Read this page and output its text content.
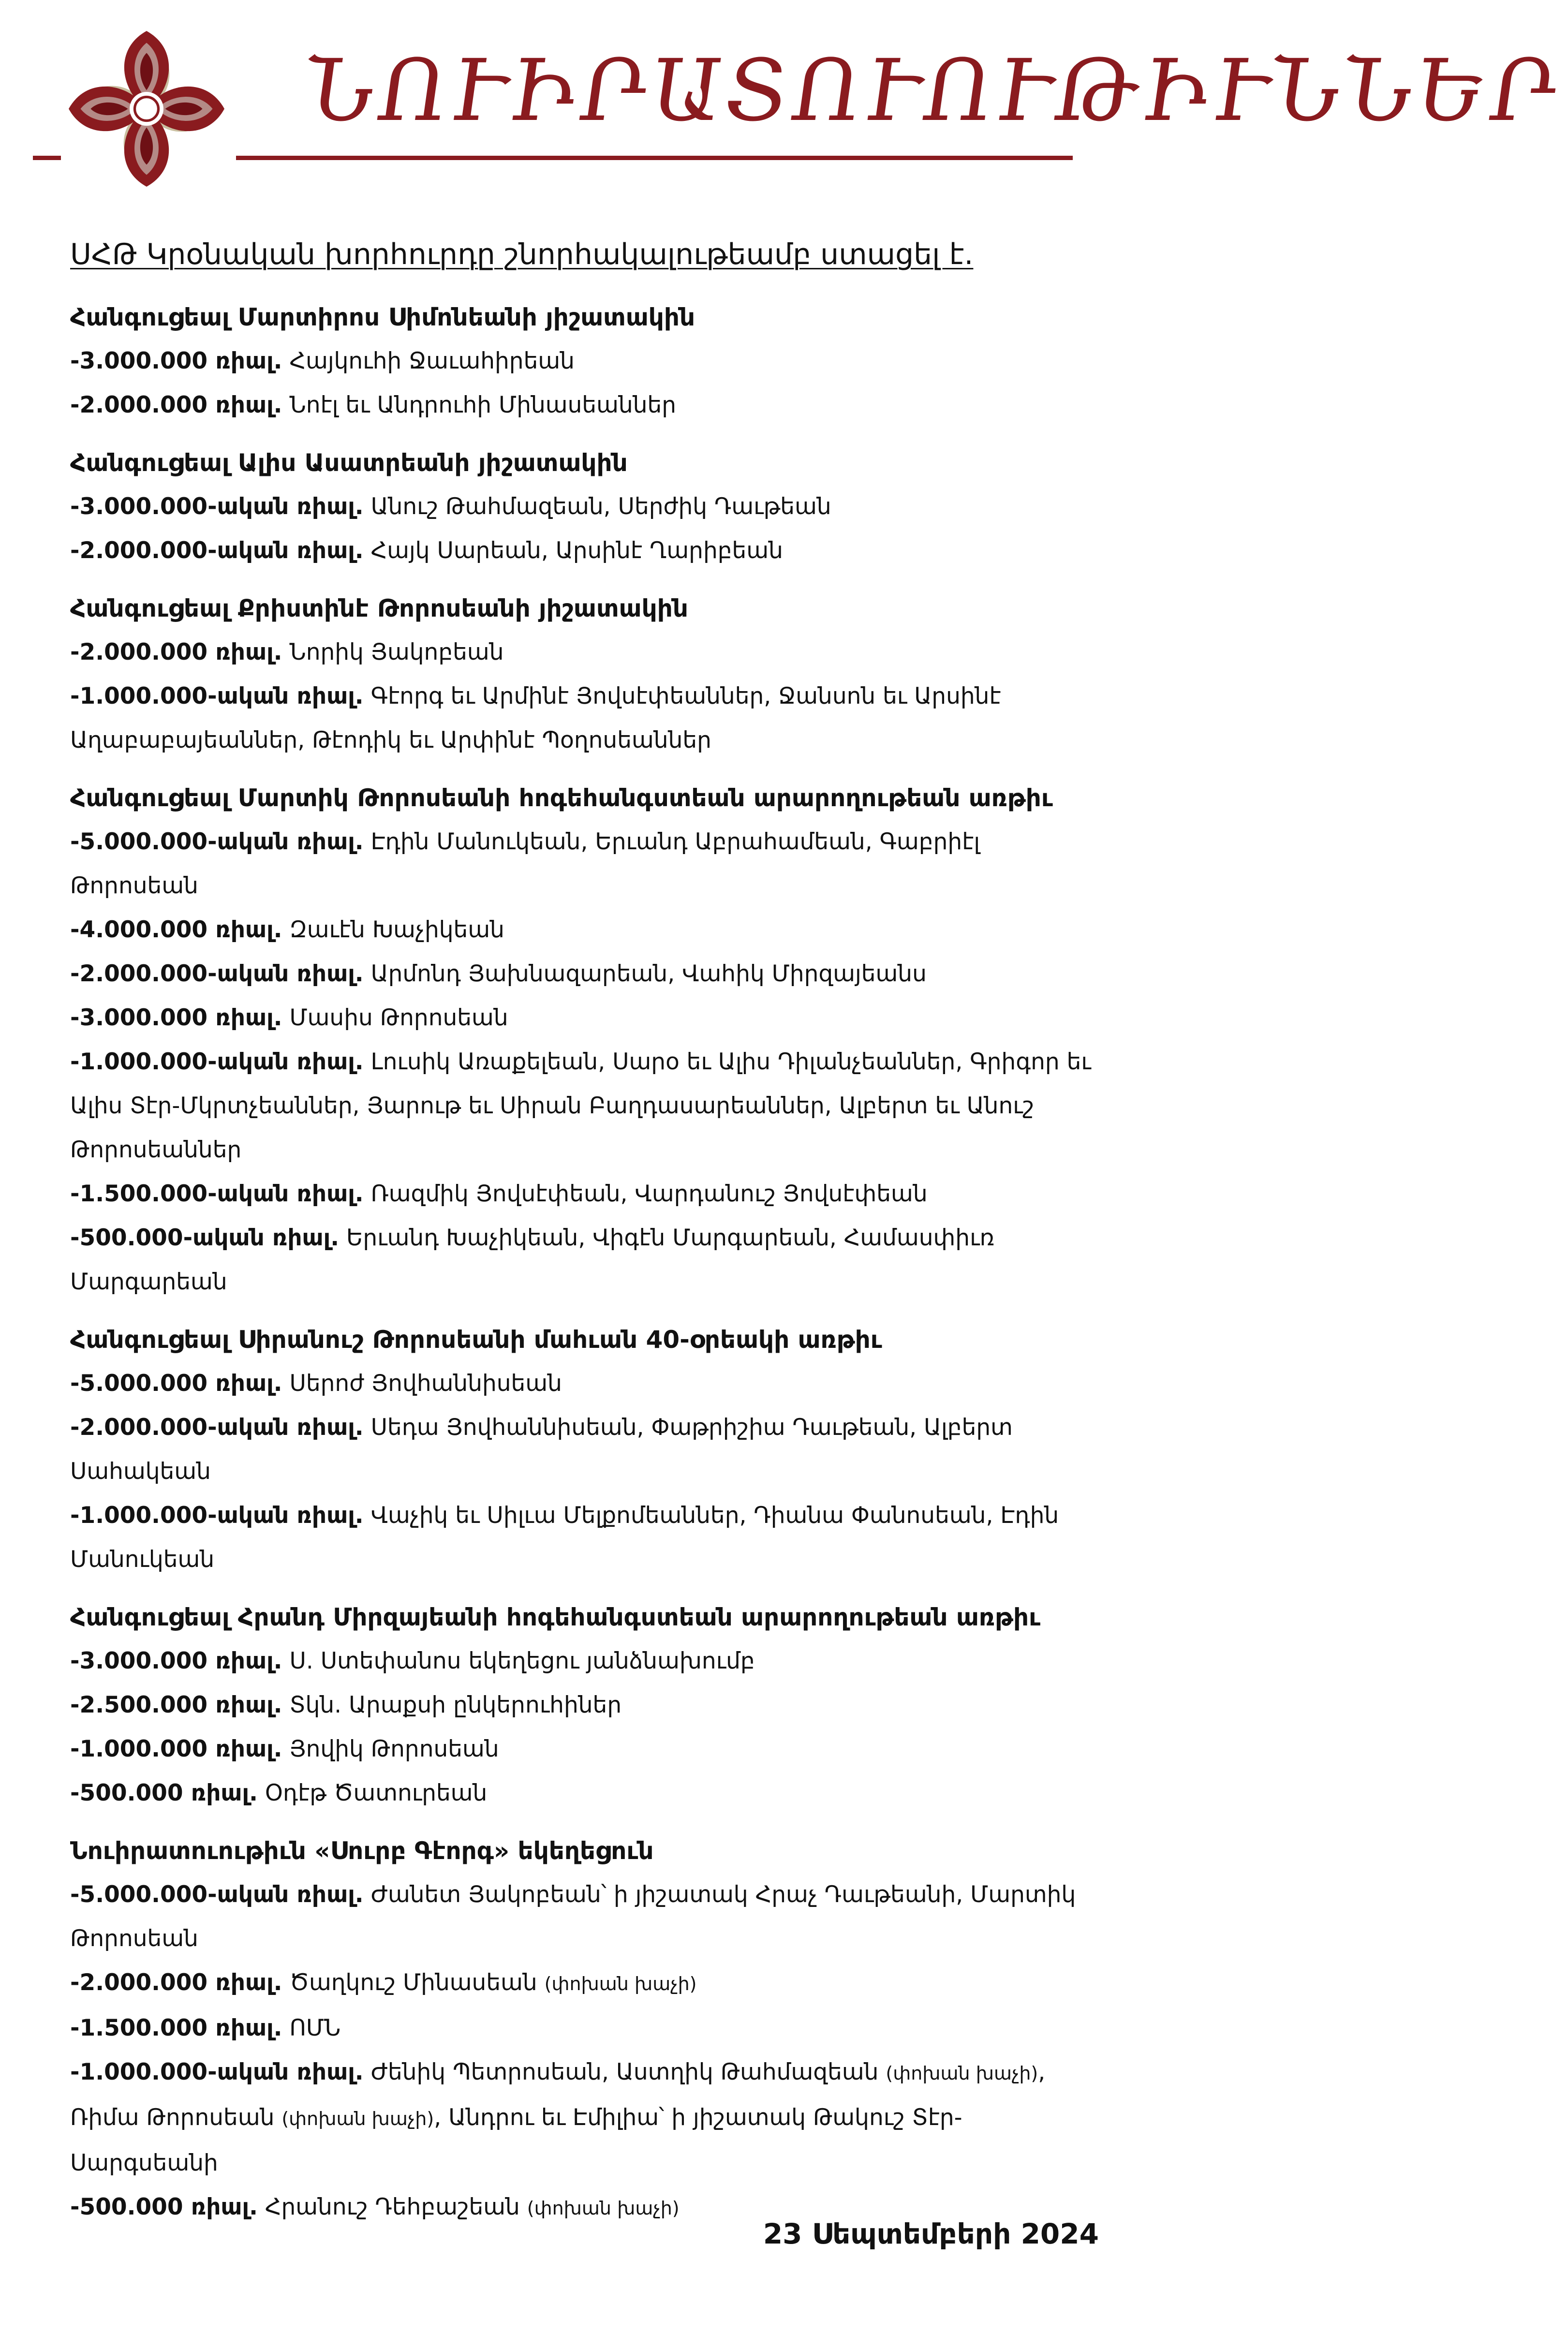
ՆՈՒԻՐԱՏՈՒՈՒԹԻՒՆՆԵՐ
ՍՀԹ Կրօնական խորհուրդը շնորհակալութեամբ ստացել է.
Հանգուցեալ Մարտիրոս Սիմոնեանի յիշատակին

-3.000.000 ռիալ. Հայկուհի Ջաւահիրեան

-2.000.000 ռիալ. Նոէլ եւ Անդրուհի Մինասեաններ

Հանգուցեալ Ալիս Ասատրեանի յիշատակին

-3.000.000-ական ռիալ. Անուշ Թահմազեան, Սերժիկ Դաւթեան

-2.000.000-ական ռիալ. Հայկ Սարեան, Արսինէ Ղարիբեան

Հանգուցեալ Քրիստինէ Թորոսեանի յիշատակին

-2.000.000 ռիալ. Նորիկ Յակոբեան

-1.000.000-ական ռիալ. Գէորգ եւ Արմինէ Յովսէփեաններ, Ջանսոն եւ Արսինէ Աղաբաբայեաններ, Թէոդիկ եւ Արփինէ Պօղոսեաններ

Հանգուցեալ Մարտիկ Թորոսեանի հոգեհանգստեան արարողութեան առթիւ

-5.000.000-ական ռիալ. Էդին Մանուկեան, Երւանդ Աբրահամեան, Գաբրիէլ Թորոսեան

-4.000.000 ռիալ. Զաւէն Խաչիկեան

-2.000.000-ական ռիալ. Արմոնդ Յախնազարեան, Վաhիկ Միրզայեանս

-3.000.000 ռիալ. Մասիս Թորոսեան

-1.000.000-ական ռիալ. Լուսիկ Առաքելեան, Սարօ եւ Ալիս Դիլանչեաններ, Գրիգոր եւ Ալիս Տէր-Մկրտչեաններ, Յարութ եւ Սիրան Բաղդասարեաններ, Ալբերտ եւ Անուշ Թորոսեաններ

-1.500.000-ական ռիալ. Ռազմիկ Յովսէփեան, Վարդանուշ Յովսէփեան

-500.000-ական ռիալ. Երւանդ Խաչիկեան, Վիգէն Մարգարեան, Համասփիւռ Մարգարեան

Հանգուցեալ Սիրանուշ Թորոսեանի մահւան 40-օրեակի առթիւ

-5.000.000 ռիալ. Սերոժ Յովհաննիսեան

-2.000.000-ական ռիալ. Սեդա Յովհաննիսեան, Փաթրիշիա Դաւթեան, Ալբերտ Սահակեան

-1.000.000-ական ռիալ. Վաչիկ եւ Սիլւա Մելքոմեաններ, Դիանա Փանոսեան, Էդին Մանուկեան

Հանգուցեալ Հրանդ Միրզայեանի հոգեհանգստեան արարողութեան առթիւ

-3.000.000 ռիալ. Ս. Ստեփանոս եկեղեցու յանձնախումբ

-2.500.000 ռիալ. Տկն. Արաքսի ընկերուհիներ

-1.000.000 ռիալ. Յովիկ Թորոսեան

-500.000 ռիալ. Օդէթ Ծատուրեան

Նուիրատուութիւն «Սուրբ Գէորգ» եկեղեցուն

-5.000.000-ական ռիալ. Ժանետ Յակոբեան՝ ի յիշատակ Հրաչ Դաւթեանի, Մարտիկ Թորոսեան

-2.000.000 ռիալ. Ծաղկուշ Մինասեան (փոխան խաչի)

-1.500.000 ռիալ. ՈՄՆ

-1.000.000-ական ռիալ. Ժենիկ Պետրոսեան, Աստղիկ Թահմազեան (փոխան խաչի), Ռիմա Թորոսեան (փոխան խաչի), Անդրու եւ Էմիլիա՝ ի յիշատակ Թակուշ Տէր-Սարգսեանի

-500.000 ռիալ. Հրանուշ Դեհբաշեան (փոխան խաչի)

23 Սեպտեմբերի 2024
